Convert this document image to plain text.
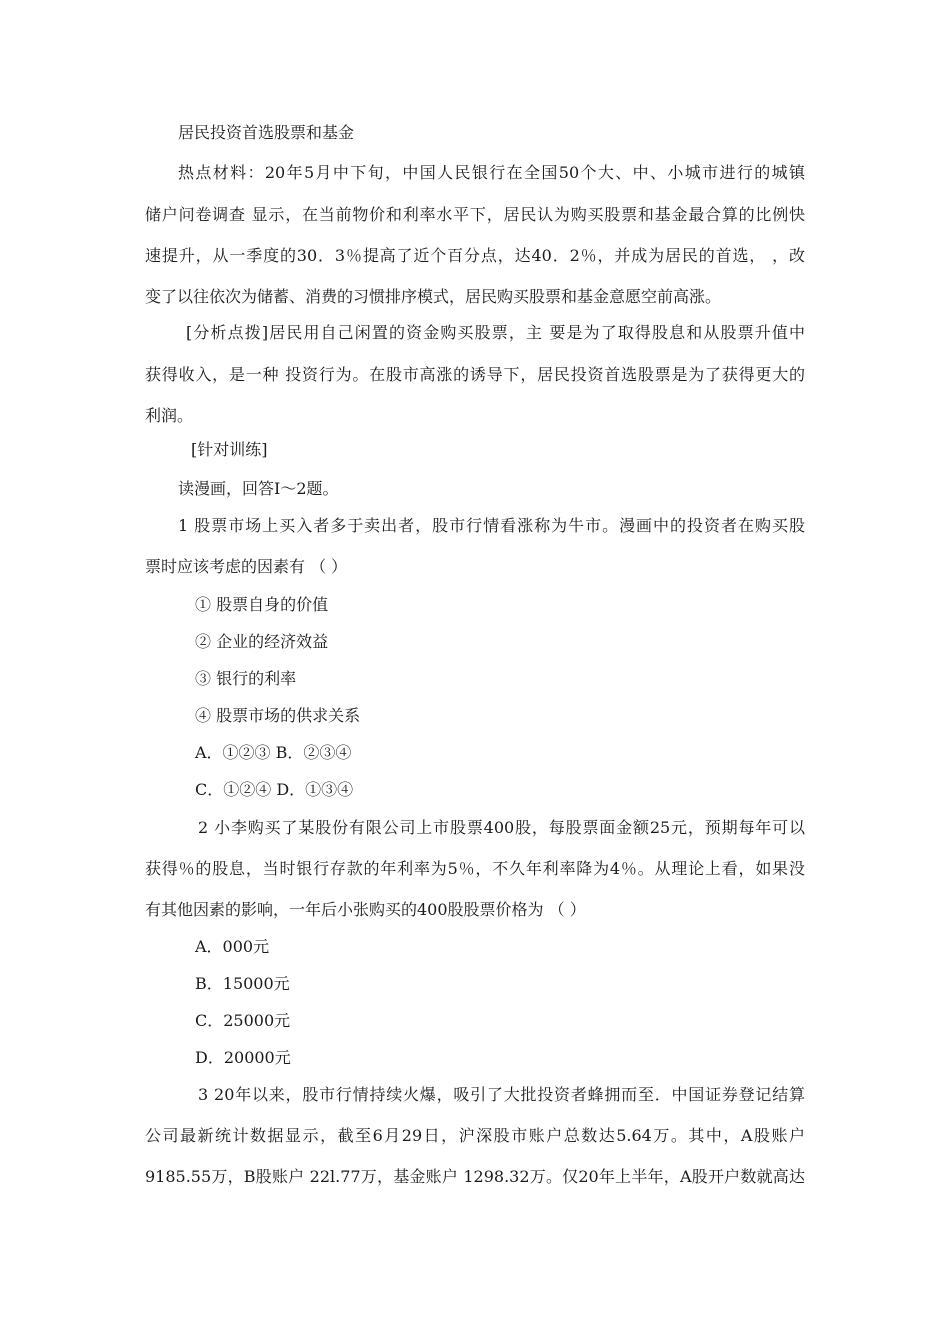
居民投资首选股票和基金

热点材料：20年5月中下旬，中国人民银行在全国50个大、中、小城市进行的城镇

储户问卷调查 显示，在当前物价和利率水平下，居民认为购买股票和基金最合算的比例快

速提升，从一季度的30．3％提高了近个百分点，达40．2％，并成为居民的首选， ，改

变了以往依次为储蓄、消费的习惯排序模式，居民购买股票和基金意愿空前高涨。

[分析点拨]居民用自己闲置的资金购买股票，主 要是为了取得股息和从股票升值中

获得收入，是一种 投资行为。在股市高涨的诱导下，居民投资首选股票是为了获得更大的

利润。

[针对训练]

读漫画，回答Ⅰ～2题。

1 股票市场上买入者多于卖出者，股市行情看涨称为牛市。漫画中的投资者在购买股

票时应该考虑的因素有 （ ）

① 股票自身的价值

② 企业的经济效益

③ 银行的利率

④ 股票市场的供求关系

A．①②③ B．②③④

C．①②④ D．①③④

2 小李购买了某股份有限公司上市股票400股，每股票面金额25元，预期每年可以

获得％的股息，当时银行存款的年利率为5％，不久年利率降为4％。从理论上看，如果没

有其他因素的影响，一年后小张购买的400股股票价格为 （ ）

A．000元

B．15000元

C．25000元

D．20000元

3 20年以来，股市行情持续火爆，吸引了大批投资者蜂拥而至．中国证券登记结算

公司最新统计数据显示，截至6月29日，沪深股市账户总数达5.64万。其中，A股账户

9185.55万，B股账户 22l.77万，基金账户 1298.32万。仅20年上半年，A股开户数就高达
